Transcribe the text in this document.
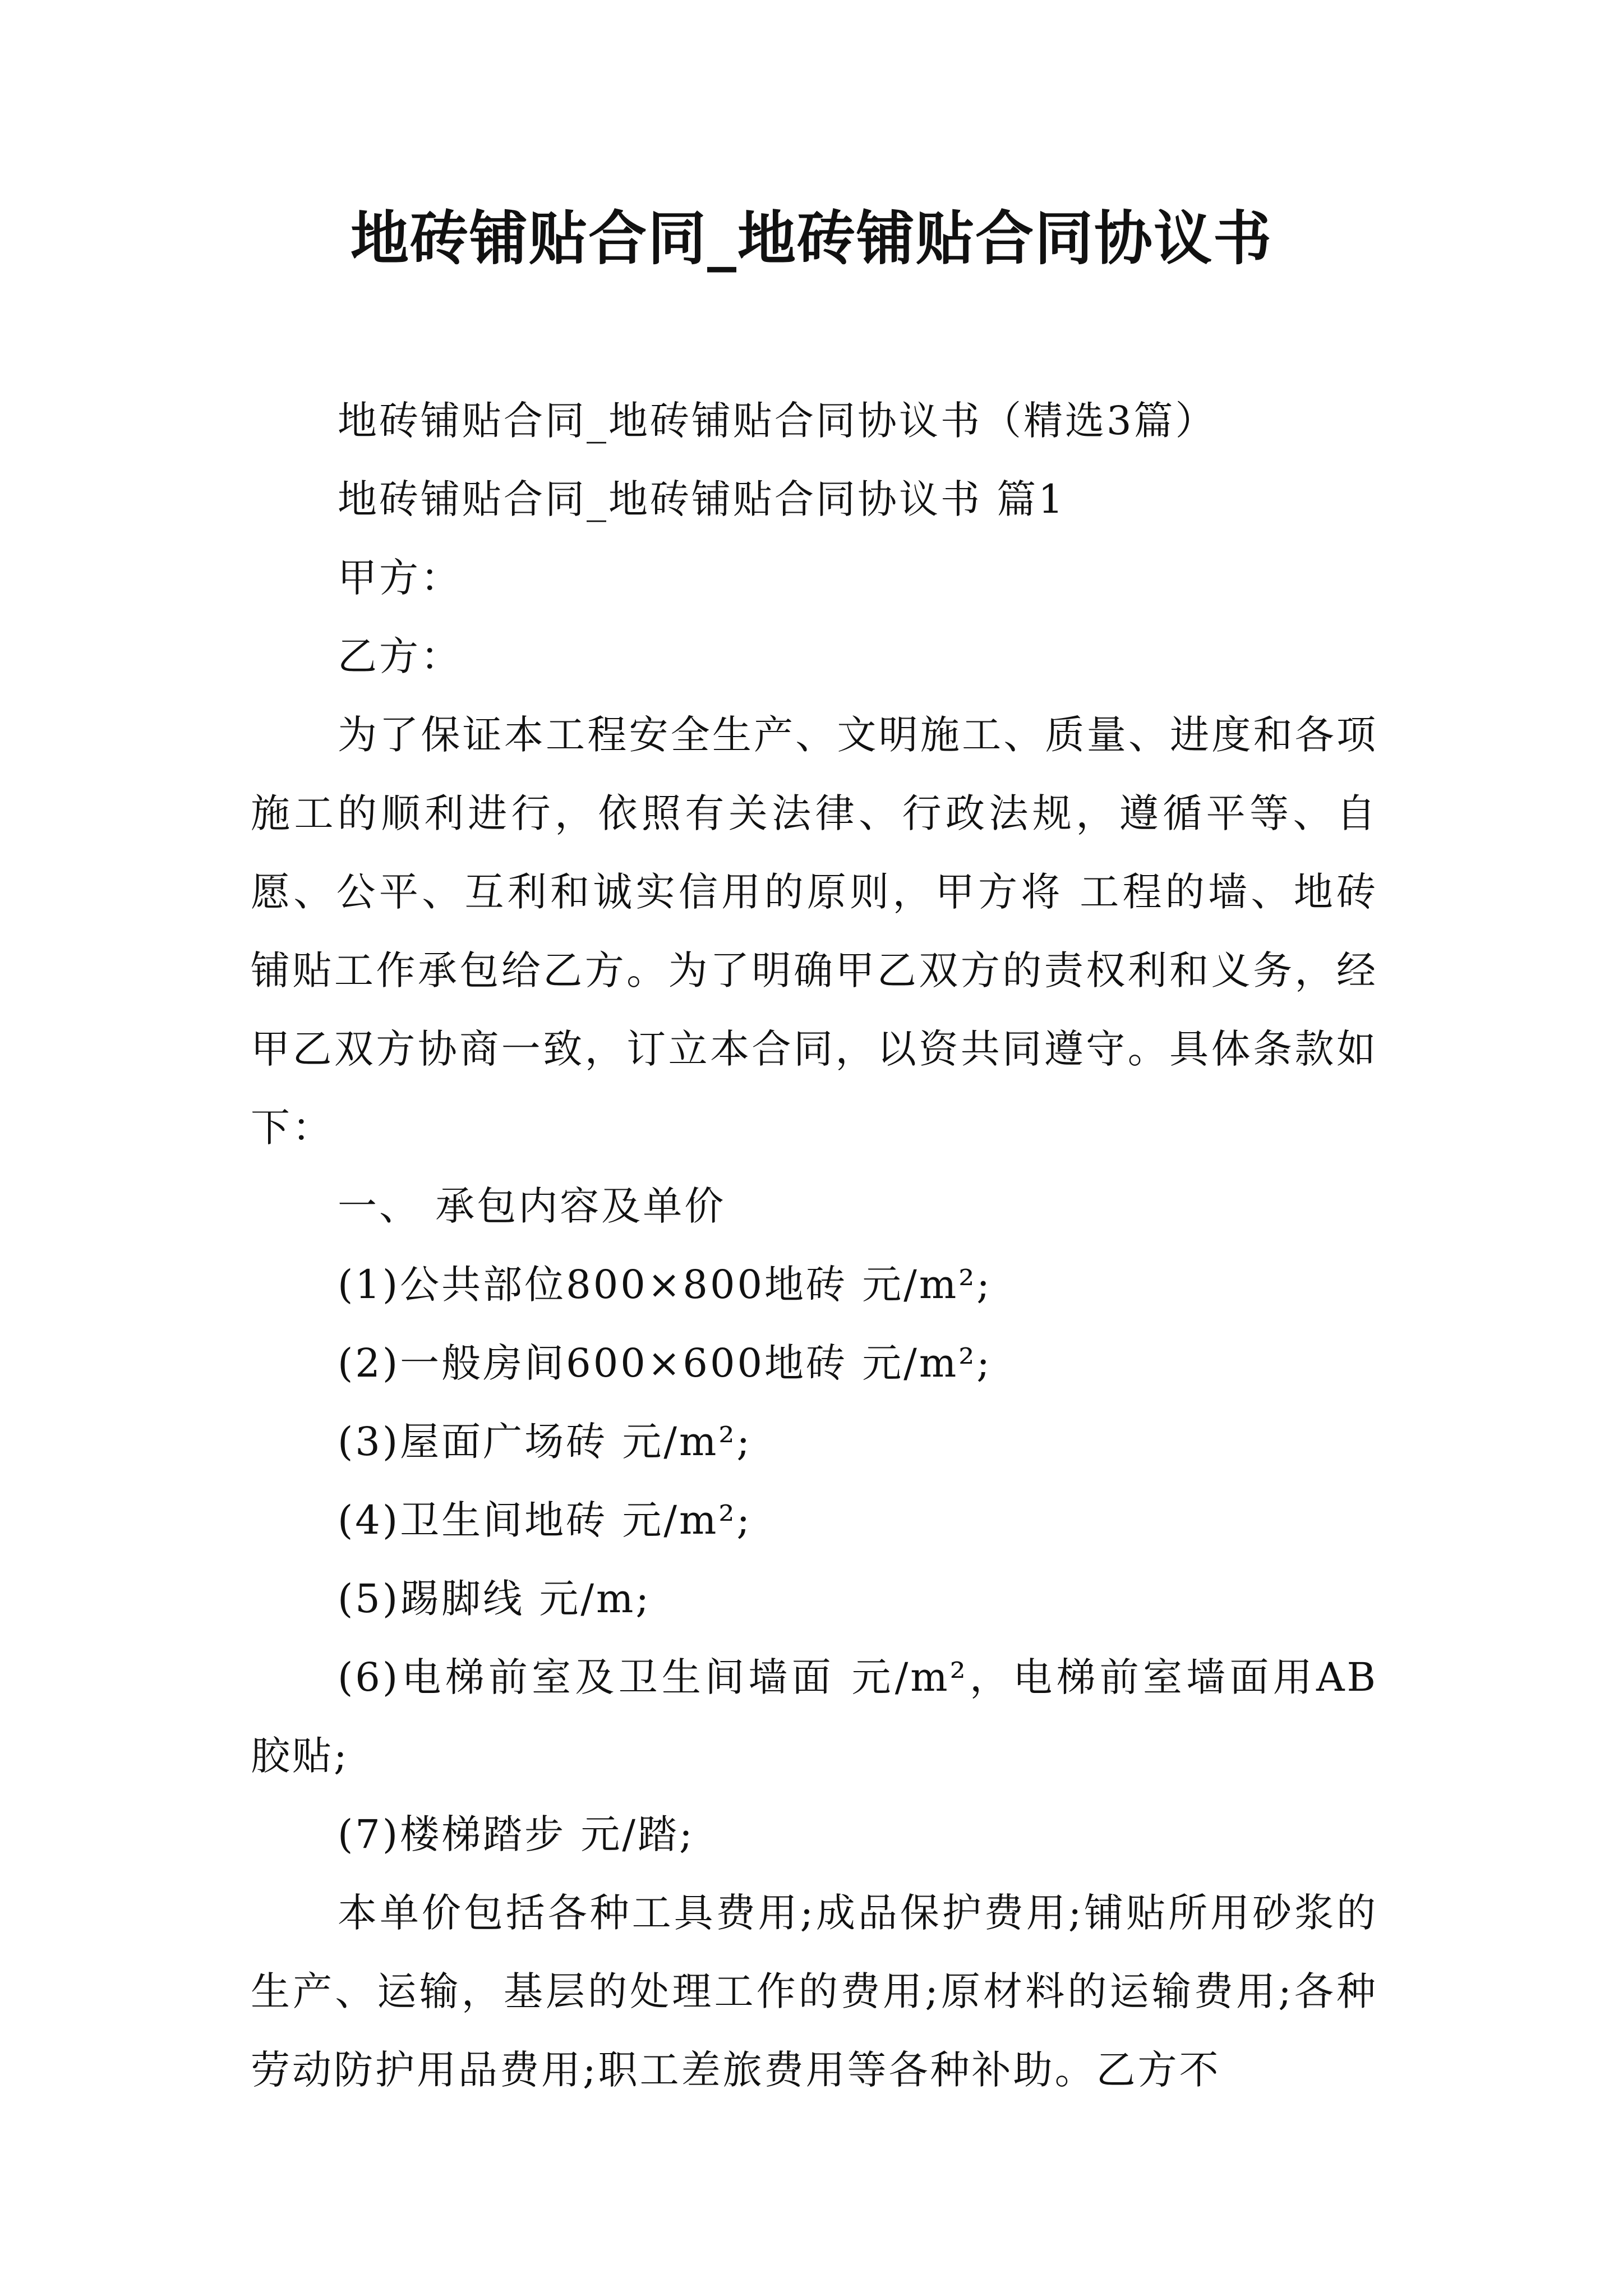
地砖铺贴合同_地砖铺贴合同协议书

地砖铺贴合同_地砖铺贴合同协议书（精选3篇）

地砖铺贴合同_地砖铺贴合同协议书 篇1

甲方：

乙方：

为了保证本工程安全生产、文明施工、质量、进度和各项施工的顺利进行，依照有关法律、行政法规，遵循平等、自愿、公平、互利和诚实信用的原则，甲方将 工程的墙、地砖铺贴工作承包给乙方。为了明确甲乙双方的责权利和义务，经甲乙双方协商一致，订立本合同，以资共同遵守。具体条款如下：

一、 承包内容及单价

(1)公共部位800×800地砖 元/m²;

(2)一般房间600×600地砖 元/m²;

(3)屋面广场砖 元/m²;

(4)卫生间地砖 元/m²;

(5)踢脚线 元/m;

(6)电梯前室及卫生间墙面 元/m²，电梯前室墙面用AB胶贴;

(7)楼梯踏步 元/踏;

本单价包括各种工具费用;成品保护费用;铺贴所用砂浆的生产、运输，基层的处理工作的费用;原材料的运输费用;各种劳动防护用品费用;职工差旅费用等各种补助。乙方不
